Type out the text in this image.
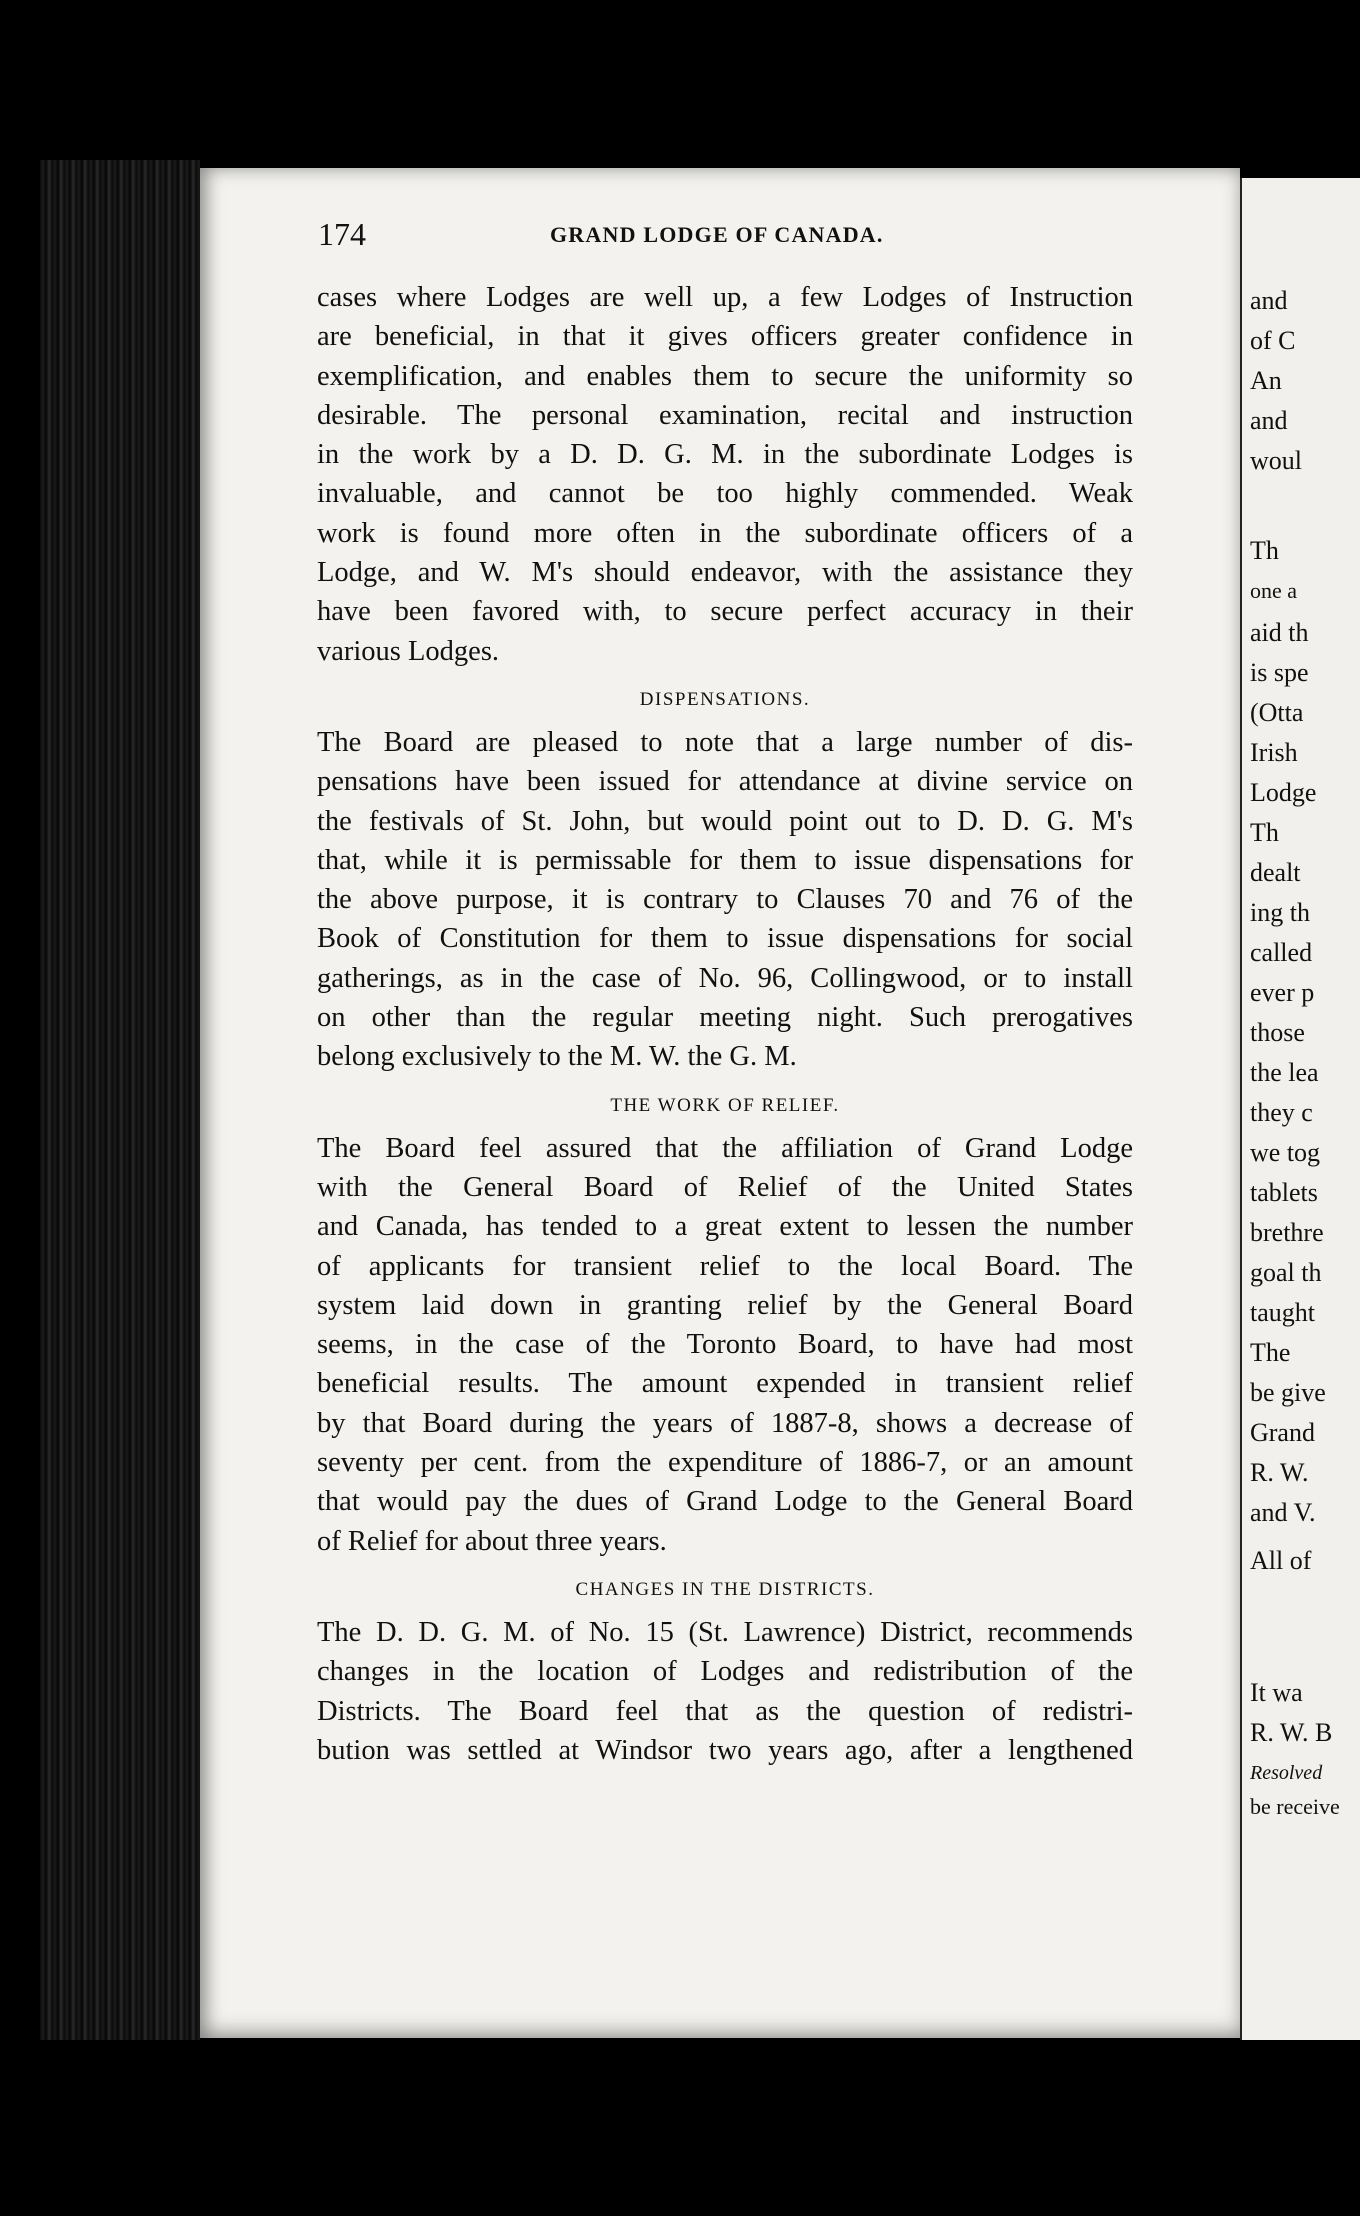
174	GRAND LODGE OF CANADA.
cases where Lodges are well up, a few Lodges of Instruction
are beneficial, in that it gives officers greater confidence in
exemplification, and enables them to secure the uniformity so
desirable. The personal examination, recital and instruction
in the work by a D. D. G. M. in the subordinate Lodges is
invaluable, and cannot be too highly commended. Weak
work is found more often in the subordinate officers of a
Lodge, and W. M's should endeavor, with the assistance they
have been favored with, to secure perfect accuracy in their
various Lodges.
DISPENSATIONS.
The Board are pleased to note that a large number of dis-
pensations have been issued for attendance at divine service on
the festivals of St. John, but would point out to D. D. G. M's
that, while it is permissable for them to issue dispensations for
the above purpose, it is contrary to Clauses 70 and 76 of the
Book of Constitution for them to issue dispensations for social
gatherings, as in the case of No. 96, Collingwood, or to install
on other than the regular meeting night. Such prerogatives
belong exclusively to the M. W. the G. M.
THE WORK OF RELIEF.
The Board feel assured that the affiliation of Grand Lodge
with the General Board of Relief of the United States
and Canada, has tended to a great extent to lessen the number
of applicants for transient relief to the local Board. The
system laid down in granting relief by the General Board
seems, in the case of the Toronto Board, to have had most
beneficial results. The amount expended in transient relief
by that Board during the years of 1887-8, shows a decrease of
seventy per cent. from the expenditure of 1886-7, or an amount
that would pay the dues of Grand Lodge to the General Board
of Relief for about three years.
CHANGES IN THE DISTRICTS.
The D. D. G. M. of No. 15 (St. Lawrence) District, recommends
changes in the location of Lodges and redistribution of the
Districts. The Board feel that as the question of redistri-
bution was settled at Windsor two years ago, after a lengthened
and
of C
An
and
woul
Th
one a
aid th
is spe
(Otta
Irish
Lodge
Th
dealt
ing th
called
ever p
those
the lea
they c
we tog
tablets
brethre
goal th
taught
The
be give
Grand
R. W.
and V.
All of
It wa
R. W. B
Resolved
be receive
